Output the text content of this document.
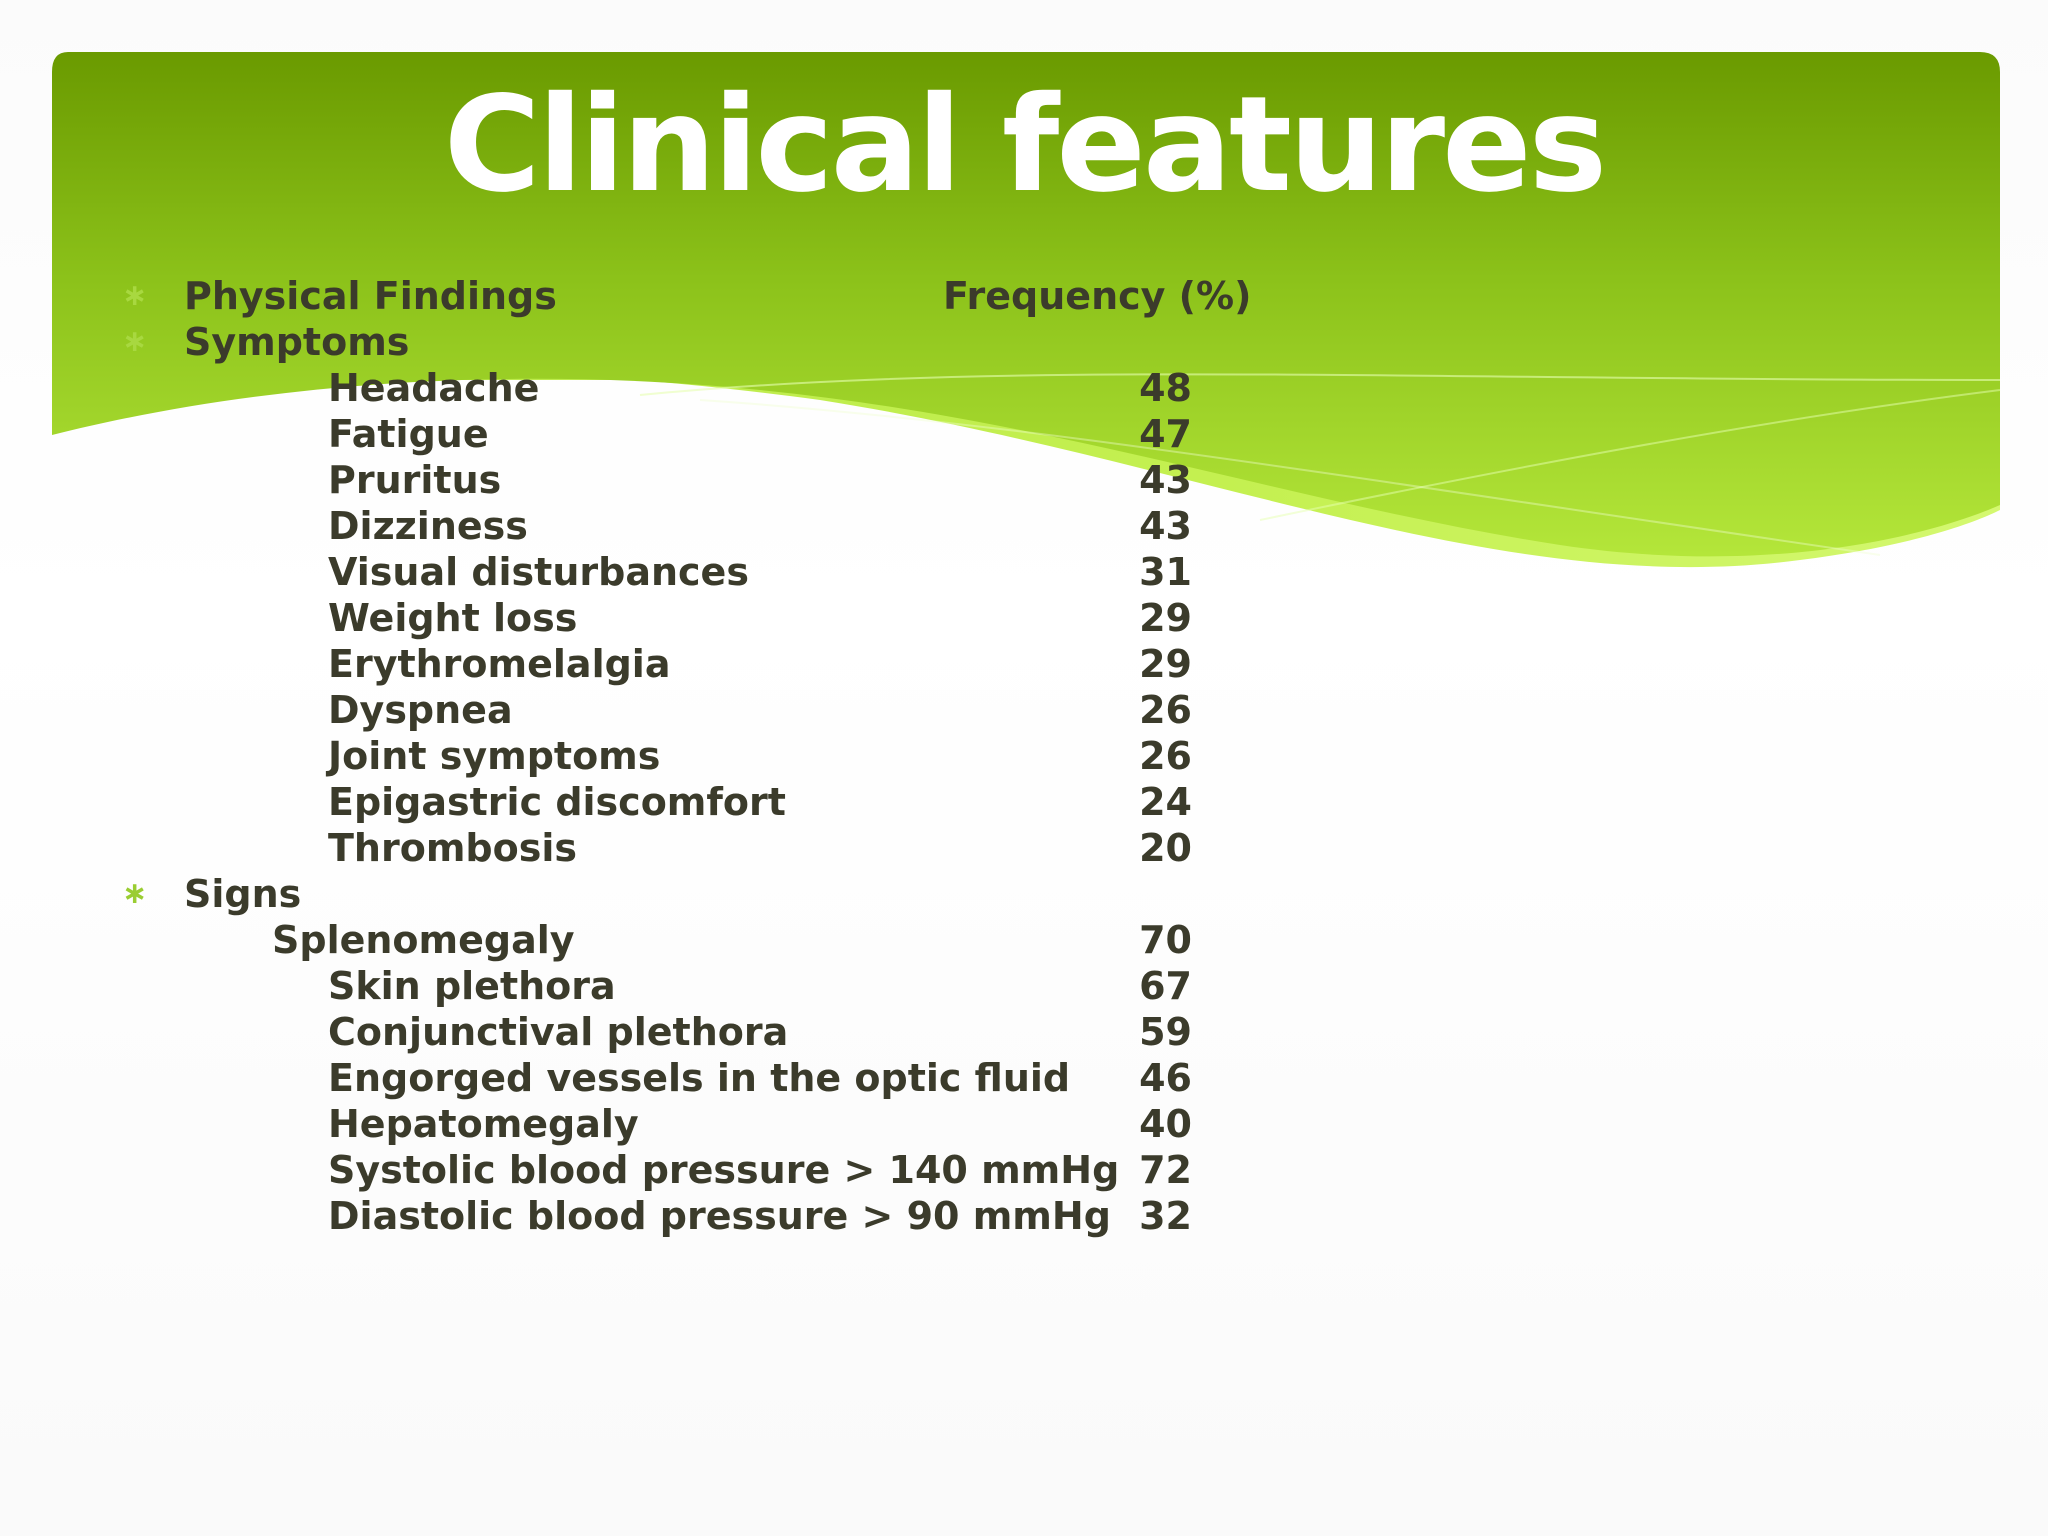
Clinical features
∗ Physical Findings	Frequency (%)
∗ Symptoms
Headache	48
Fatigue	47
Pruritus	43
Dizziness	43
Visual disturbances	31
Weight loss	29
Erythromelalgia	29
Dyspnea	26
Joint symptoms	26
Epigastric discomfort	24
Thrombosis	20
∗ Signs
Splenomegaly	70
Skin plethora	67
Conjunctival plethora	59
Engorged vessels in the optic fluid	46
Hepatomegaly	40
Systolic blood pressure > 140 mmHg 72
Diastolic blood pressure > 90 mmHg 32
